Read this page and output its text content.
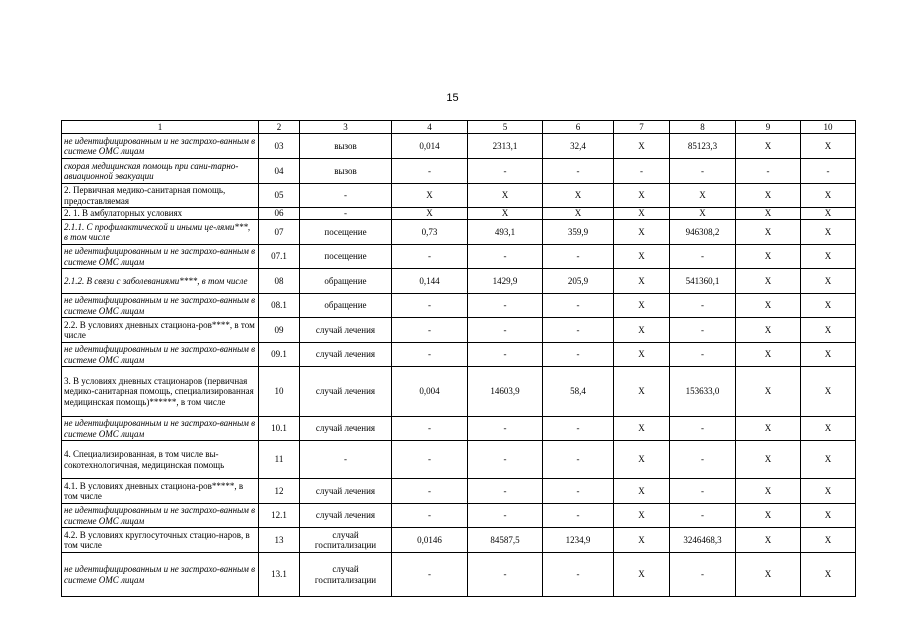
15
1	2	3	4	5	6	7	8	9	10
не идентифицированным и не застрахо-ванным в системе ОМС лицам	03	вызов	0,014	2313,1	32,4	Х	85123,3	Х	Х
скорая медицинская помощь при сани-тарно-авиационной эвакуации	04	вызов	-	-	-	-	-	-	-
2. Первичная медико-санитарная помощь, предоставляемая	05	-	Х	Х	Х	Х	Х	Х	Х
2. 1. В амбулаторных условиях	06	-	Х	Х	Х	Х	Х	Х	Х
2.1.1. С профилактической и иными це-лями***, в том числе	07	посещение	0,73	493,1	359,9	Х	946308,2	Х	Х
не идентифицированным и не застрахо-ванным в системе ОМС лицам	07.1	посещение	-	-	-	Х	-	Х	Х
2.1.2. В связи с заболеваниями****, в том числе	08	обращение	0,144	1429,9	205,9	Х	541360,1	Х	Х
не идентифицированным и не застрахо-ванным в системе ОМС лицам	08.1	обращение	-	-	-	Х	-	Х	Х
2.2. В условиях дневных стациона-ров****, в том числе	09	случай лечения	-	-	-	Х	-	Х	Х
не идентифицированным и не застрахо-ванным в системе ОМС лицам	09.1	случай лечения	-	-	-	Х	-	Х	Х
3. В условиях дневных стационаров (первичная медико-санитарная помощь, специализированная медицинская помощь)******, в том числе	10	случай лечения	0,004	14603,9	58,4	Х	153633,0	Х	Х
не идентифицированным и не застрахо-ванным в системе ОМС лицам	10.1	случай лечения	-	-	-	Х	-	Х	Х
4. Специализированная, в том числе вы-сокотехнологичная, медицинская помощь	11	-	-	-	-	Х	-	Х	Х
4.1. В условиях дневных стациона-ров*****, в том числе	12	случай лечения	-	-	-	Х	-	Х	Х
не идентифицированным и не застрахо-ванным в системе ОМС лицам	12.1	случай лечения	-	-	-	Х	-	Х	Х
4.2. В условиях круглосуточных стацио-наров, в том числе	13	случай госпитализации	0,0146	84587,5	1234,9	Х	3246468,3	Х	Х
не идентифицированным и не застрахо-ванным в системе ОМС лицам	13.1	случай госпитализации	-	-	-	Х	-	Х	Х
